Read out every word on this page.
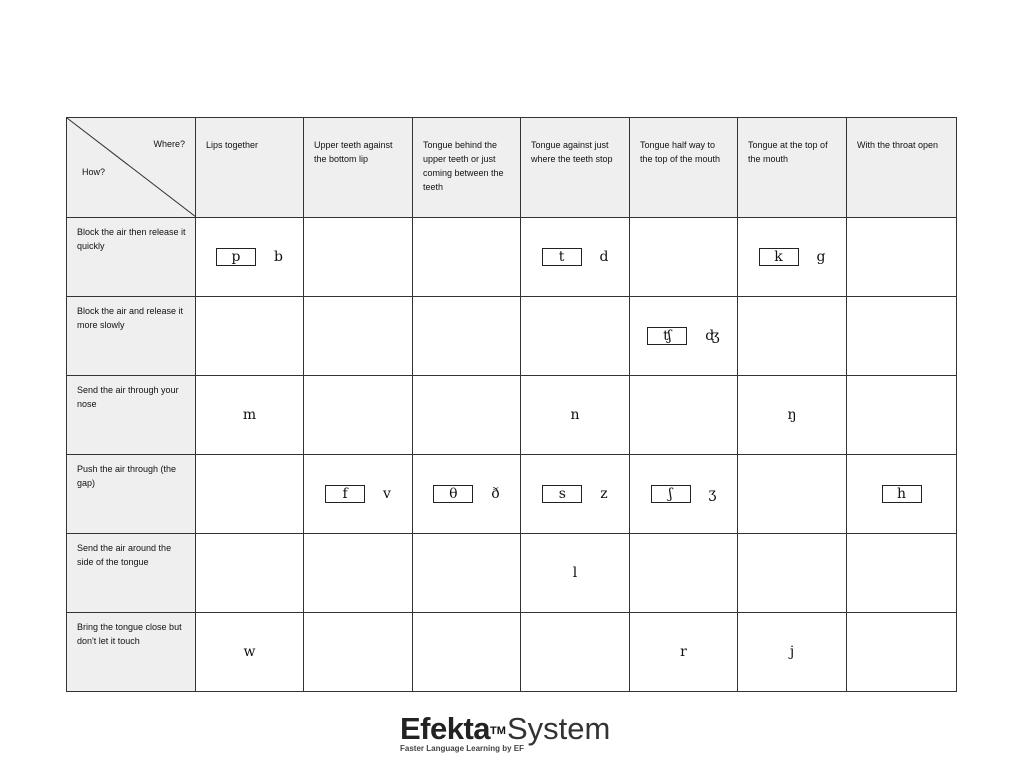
Where?
How?	Lips together	Upper teeth against the bottom lip	Tongue behind the upper teeth or just coming between the teeth	Tongue against just where the teeth stop	Tongue half way to the top of the mouth	Tongue at the top of the mouth	With the throat open
Block the air then release it quickly	p b			t d		k g	

Block the air and release it more slowly					ʧ ʤ		

Send the air through your nose	m			n		ŋ	

Push the air through (the gap)		f v	θ ð	s z	ʃ ʒ		h

Send the air around the side of the tongue				l			

Bring the tongue close but don't let it touch	w				r	j	

Efekta™System
Faster Language Learning by EF
